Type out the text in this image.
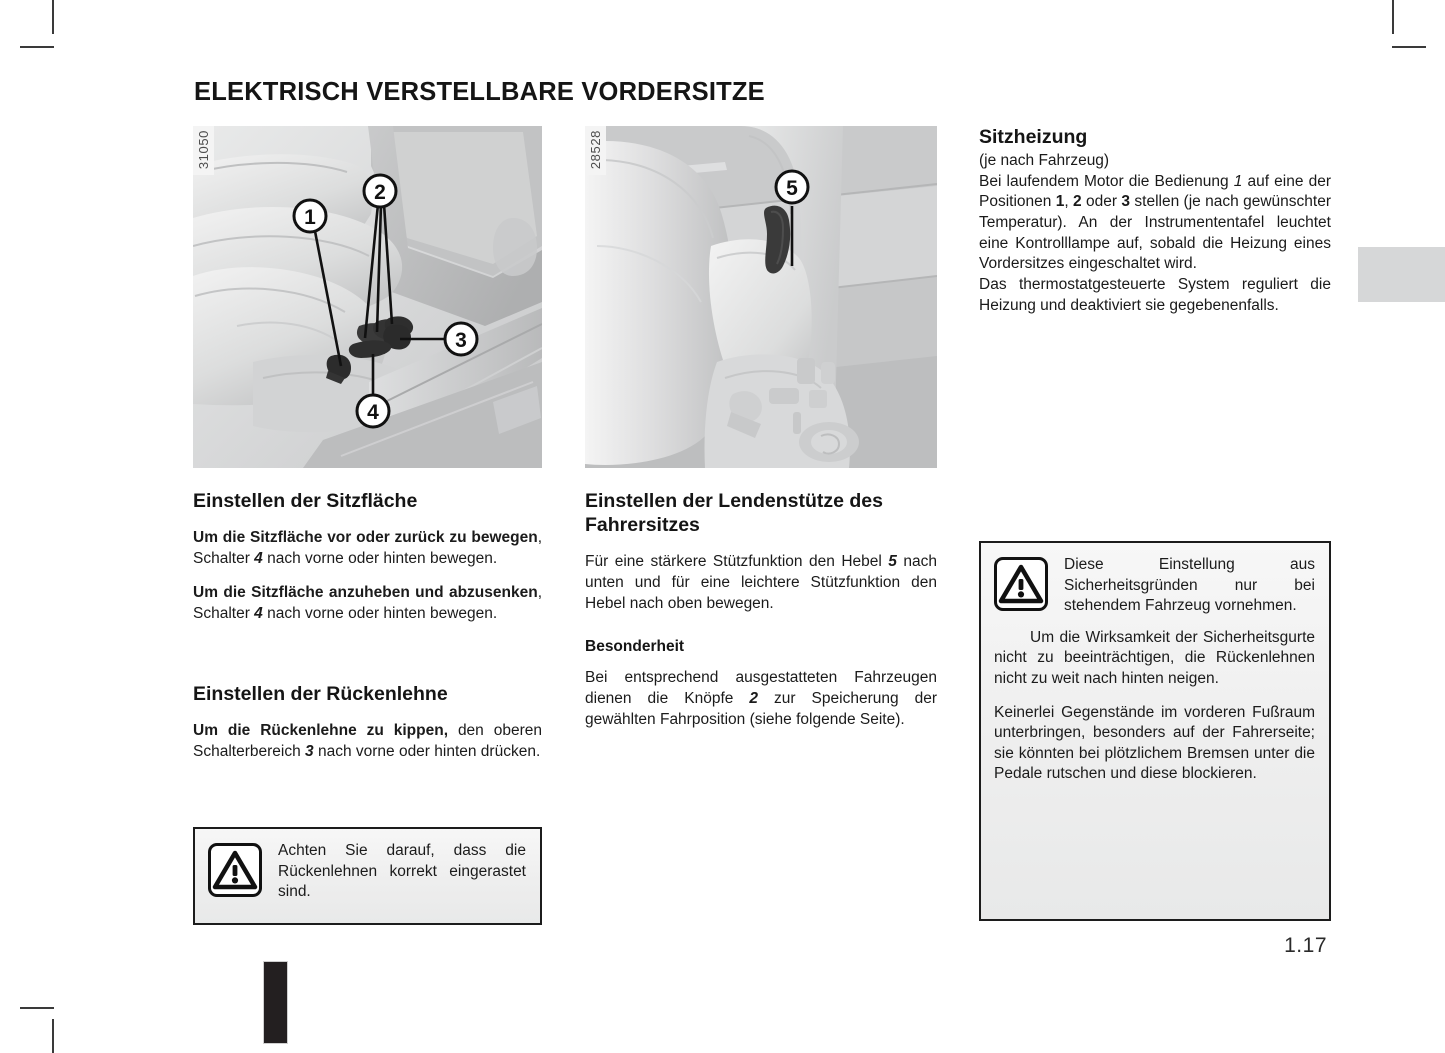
ELEKTRISCH VERSTELLBARE VORDERSITZE
1
2
3
4
31050
Einstellen der Sitzfläche

Um die Sitzfläche vor oder zurück zu bewegen, Schalter 4 nach vorne oder hinten bewegen.

Um die Sitzfläche anzuheben und abzusenken, Schalter 4 nach vorne oder hinten bewegen.

Einstellen der Rückenlehne

Um die Rückenlehne zu kippen, den oberen Schalterbereich 3 nach vorne oder hinten drücken.

5
28528
Einstellen der Lendenstütze des Fahrersitzes

Für eine stärkere Stützfunktion den Hebel 5 nach unten und für eine leichtere Stützfunktion den Hebel nach oben bewegen.

Besonderheit

Bei entsprechend ausgestatteten Fahrzeugen dienen die Knöpfe 2 zur Speicherung der gewählten Fahrposition (siehe folgende Seite).

Sitzheizung

(je nach Fahrzeug)

Bei laufendem Motor die Bedienung 1 auf eine der Positionen 1, 2 oder 3 stellen (je nach gewünschter Temperatur). An der Instrumententafel leuchtet eine Kontrolllampe auf, sobald die Heizung eines Vordersitzes eingeschaltet wird.

Das thermostatgesteuerte System reguliert die Heizung und deaktiviert sie gegebenenfalls.

Achten Sie darauf, dass die Rückenlehnen korrekt eingerastet sind.

Diese Einstellung aus Sicherheitsgründen nur bei stehendem Fahrzeug vornehmen.

Um die Wirksamkeit der Sicherheitsgurte nicht zu beeinträchtigen, die Rückenlehnen nicht zu weit nach hinten neigen.

Keinerlei Gegenstände im vorderen Fußraum unterbringen, besonders auf der Fahrerseite; sie könnten bei plötzlichem Bremsen unter die Pedale rutschen und diese blockieren.

1.17
